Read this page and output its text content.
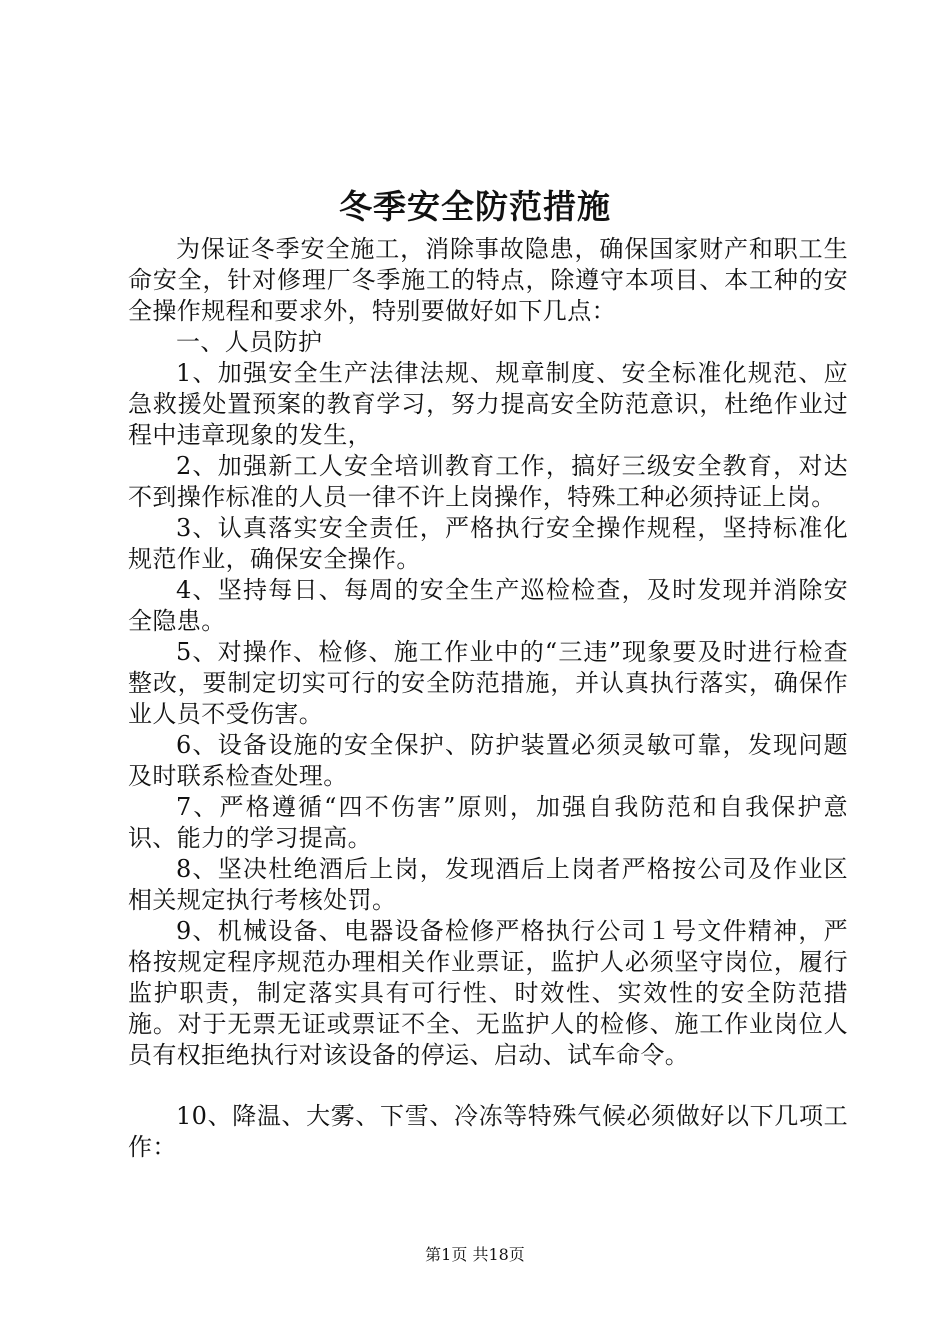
冬季安全防范措施

为保证冬季安全施工，消除事故隐患，确保国家财产和职工生命安全，针对修理厂冬季施工的特点，除遵守本项目、本工种的安全操作规程和要求外，特别要做好如下几点：

一、人员防护

1、加强安全生产法律法规、规章制度、安全标准化规范、应急救援处置预案的教育学习，努力提高安全防范意识，杜绝作业过程中违章现象的发生，

2、加强新工人安全培训教育工作，搞好三级安全教育，对达不到操作标准的人员一律不许上岗操作，特殊工种必须持证上岗。

3、认真落实安全责任，严格执行安全操作规程，坚持标准化规范作业，确保安全操作。

4、坚持每日、每周的安全生产巡检检查，及时发现并消除安全隐患。

5、对操作、检修、施工作业中的“三违”现象要及时进行检查整改，要制定切实可行的安全防范措施，并认真执行落实，确保作业人员不受伤害。

6、设备设施的安全保护、防护装置必须灵敏可靠，发现问题及时联系检查处理。

7、严格遵循“四不伤害”原则，加强自我防范和自我保护意识、能力的学习提高。

8、坚决杜绝酒后上岗，发现酒后上岗者严格按公司及作业区相关规定执行考核处罚。

9、机械设备、电器设备检修严格执行公司１号文件精神，严格按规定程序规范办理相关作业票证，监护人必须坚守岗位，履行监护职责，制定落实具有可行性、时效性、实效性的安全防范措施。对于无票无证或票证不全、无监护人的检修、施工作业岗位人员有权拒绝执行对该设备的停运、启动、试车命令。

10、降温、大雾、下雪、冷冻等特殊气候必须做好以下几项工作：

第1页 共18页
